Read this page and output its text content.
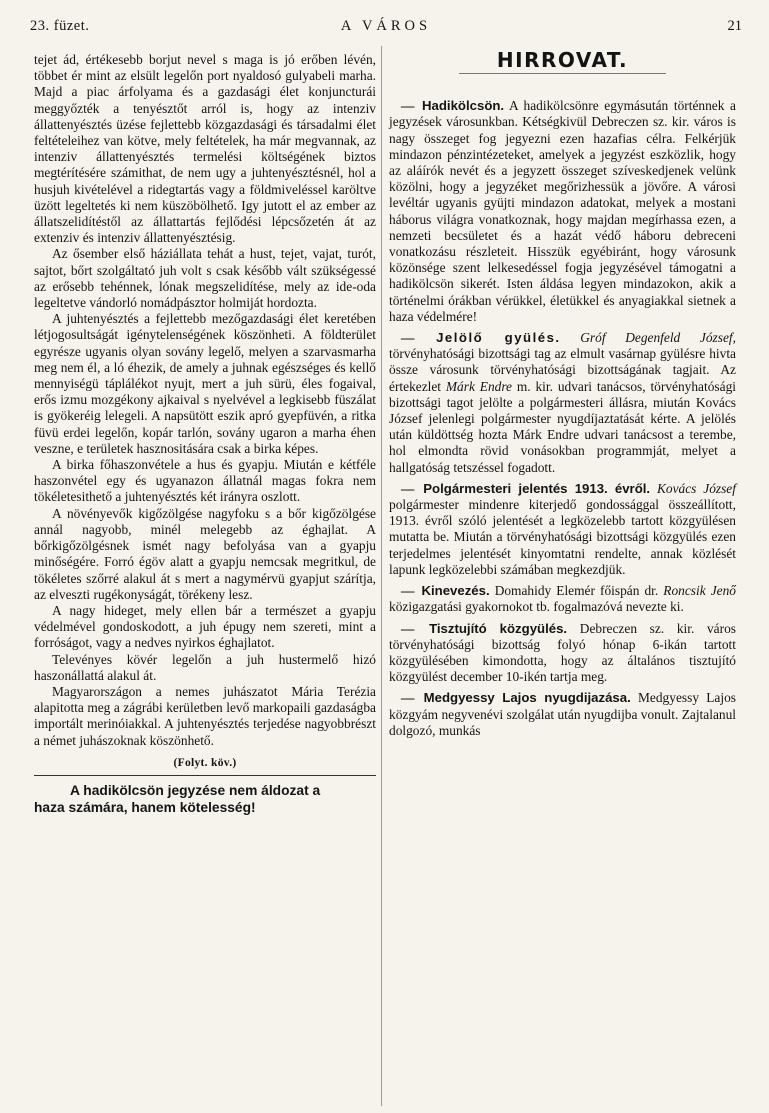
23. füzet.	A VÁROS	21

tejet ád, értékesebb borjut nevel s maga is jó erőben lévén, többet ér mint az elsült legelőn port nyaldosó gulyabeli marha. Majd a piac árfolyama és a gazdasági élet konjuncturái meggyőzték a tenyésztőt arról is, hogy az intenziv állattenyésztés üzése fejlettebb közgazdasági és társadalmi élet feltételeihez van kötve, mely feltételek, ha már megvannak, az intenziv állattenyésztés termelési költségének biztos megtérítésére számithat, de nem ugy a juhtenyésztésnél, hol a husjuh kivételével a ridegtartás vagy a földmiveléssel karöltve üzött legeltetés ki nem küszöbölhető. Igy jutott el az ember az állatszelidítéstől az állattartás fejlődési lépcsőzetén át az extenziv és intenziv állattenyésztésig.

Az ősember első háziállata tehát a hust, tejet, vajat, turót, sajtot, bőrt szolgáltató juh volt s csak később vált szükségessé az erősebb tehénnek, lónak megszelidítése, mely az ide-oda legeltetve vándorló nomádpásztor holmiját hordozta.

A juhtenyésztés a fejlettebb mezőgazdasági élet keretében létjogosultságát igénytelenségének köszönheti. A földterület egyrésze ugyanis olyan sovány legelő, melyen a szarvasmarha meg nem él, a ló éhezik, de amely a juhnak egészséges és kellő mennyiségü táplálékot nyujt, mert a juh sürü, éles fogaival, erős izmu mozgékony ajkaival s nyelvével a legkisebb füszálat is gyökeréig lelegeli. A napsütött eszik apró gyepfüvén, a ritka füvü erdei legelőn, kopár tarlón, sovány ugaron a marha éhen veszne, e területek hasznositására csak a birka képes.

A birka főhaszonvétele a hus és gyapju. Miután e kétféle haszonvétel egy és ugyanazon állatnál magas fokra nem tökéletesithető a juhtenyésztés két irányra oszlott.

A növényevők kigőzölgése nagyfoku s a bőr kigőzölgése annál nagyobb, minél melegebb az éghajlat. A bőrkigőzölgésnek ismét nagy befolyása van a gyapju minőségére. Forró égöv alatt a gyapju nemcsak megritkul, de tökéletes szőrré alakul át s mert a nagymérvü gyapjut szárítja, az elveszti rugékonyságát, törékeny lesz.

A nagy hideget, mely ellen bár a természet a gyapju védelmével gondoskodott, a juh épugy nem szereti, mint a forróságot, vagy a nedves nyirkos éghajlatot.

Televényes kövér legelőn a juh hustermelő hizó haszonállattá alakul át.

Magyarországon a nemes juhászatot Mária Terézia alapitotta meg a zágrábi kerületben levő markopaili gazdaságba importált merinóiakkal. A juhtenyésztés terjedése nagyobbrészt a német juhászoknak köszönhető.

(Folyt. köv.)
A hadikölcsön jegyzése nem áldozat a
haza számára, hanem kötelesség!
HIRROVAT.

— Hadikölcsön. A hadikölcsönre egymásután történnek a jegyzések városunkban. Kétségkivül Debreczen sz. kir. város is nagy összeget fog jegyezni ezen hazafias célra. Felkérjük mindazon pénzintézeteket, amelyek a jegyzést eszközlik, hogy az aláírók nevét és a jegyzett összeget szíveskedjenek velünk közölni, hogy a jegyzéket megőrizhessük a jövőre. A városi levéltár ugyanis gyüjti mindazon adatokat, melyek a mostani háborus világra vonatkoznak, hogy majdan megírhassa ezen, a nemzeti becsületet és a hazát védő háboru debreceni vonatkozásu részleteit. Hisszük egyébiránt, hogy városunk közönsége szent lelkesedéssel fogja jegyzésével támogatni a hadikölcsön sikerét. Isten áldása legyen mindazokon, akik a történelmi órákban vérükkel, életükkel és anyagiakkal sietnek a haza védelmére!

— Jelölő gyülés. Gróf Degenfeld József, törvényhatósági bizottsági tag az elmult vasárnap gyülésre hivta össze városunk törvényhatósági bizottságának tagjait. Az értekezlet Márk Endre m. kir. udvari tanácsos, törvényhatósági bizottsági tagot jelölte a polgármesteri állásra, miután Kovács József jelenlegi polgármester nyugdíjaztatását kérte. A jelölés után küldöttség hozta Márk Endre udvari tanácsost a terembe, hol elmondta rövid vonásokban programmját, melyet a hallgatóság tetszéssel fogadott.

— Polgármesteri jelentés 1913. évről. Kovács József polgármester mindenre kiterjedő gondossággal összeállított, 1913. évről szóló jelentését a legközelebb tartott közgyülésen mutatta be. Miután a törvényhatósági bizottsági közgyülés ezen terjedelmes jelentését kinyomtatni rendelte, annak közlését lapunk legközelebbi számában megkezdjük.

— Kinevezés. Domahidy Elemér főispán dr. Roncsik Jenő közigazgatási gyakornokot tb. fogalmazóvá nevezte ki.

— Tisztujító közgyülés. Debreczen sz. kir. város törvényhatósági bizottság folyó hónap 6-ikán tartott közgyülésében kimondotta, hogy az általános tisztujító közgyülést december 10-ikén tartja meg.

— Medgyessy Lajos nyugdijazása. Medgyessy Lajos közgyám negyvenévi szolgálat után nyugdijba vonult. Zajtalanul dolgozó, munkás
